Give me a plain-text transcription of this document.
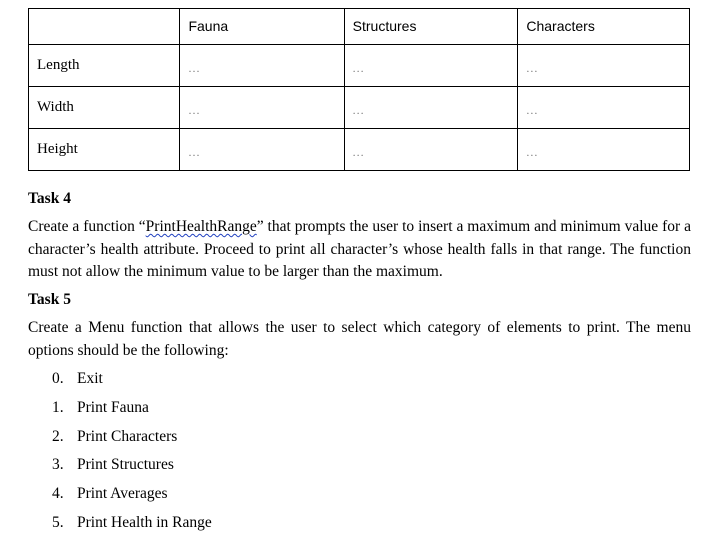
	Fauna	Structures	Characters
Length	...	...	...
Width	...	...	...
Height	...	...	...
Task 4

Create a function “PrintHealthRange” that prompts the user to insert a maximum and minimum value for a character’s health attribute. Proceed to print all character’s whose health falls in that range. The function must not allow the minimum value to be larger than the maximum.

Task 5

Create a Menu function that allows the user to select which category of elements to print. The menu options should be the following:

0. Exit
1. Print Fauna
2. Print Characters
3. Print Structures
4. Print Averages
5. Print Health in Range
